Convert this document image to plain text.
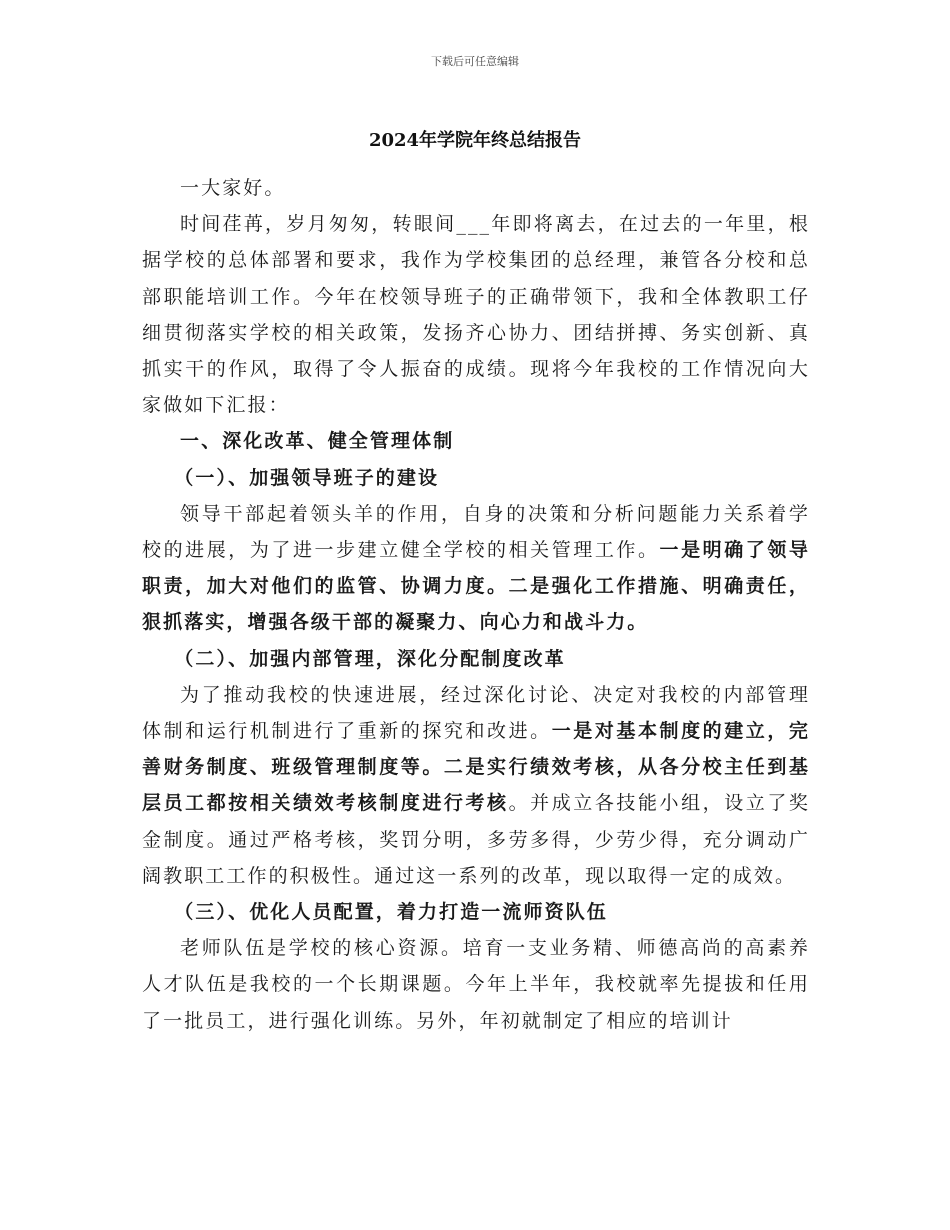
下载后可任意编辑
2024年学院年终总结报告

一大家好。

时间荏苒，岁月匆匆，转眼间___年即将离去，在过去的一年里，根据学校的总体部署和要求，我作为学校集团的总经理，兼管各分校和总部职能培训工作。今年在校领导班子的正确带领下，我和全体教职工仔细贯彻落实学校的相关政策，发扬齐心协力、团结拼搏、务实创新、真抓实干的作风，取得了令人振奋的成绩。现将今年我校的工作情况向大家做如下汇报：

一、深化改革、健全管理体制

（一）、加强领导班子的建设

领导干部起着领头羊的作用，自身的决策和分析问题能力关系着学校的进展，为了进一步建立健全学校的相关管理工作。一是明确了领导职责，加大对他们的监管、协调力度。二是强化工作措施、明确责任，狠抓落实，增强各级干部的凝聚力、向心力和战斗力。

（二）、加强内部管理，深化分配制度改革

为了推动我校的快速进展，经过深化讨论、决定对我校的内部管理体制和运行机制进行了重新的探究和改进。一是对基本制度的建立，完善财务制度、班级管理制度等。二是实行绩效考核，从各分校主任到基层员工都按相关绩效考核制度进行考核。并成立各技能小组，设立了奖金制度。通过严格考核，奖罚分明，多劳多得，少劳少得，充分调动广阔教职工工作的积极性。通过这一系列的改革，现以取得一定的成效。

（三）、优化人员配置，着力打造一流师资队伍

老师队伍是学校的核心资源。培育一支业务精、师德高尚的高素养人才队伍是我校的一个长期课题。今年上半年，我校就率先提拔和任用了一批员工，进行强化训练。另外，年初就制定了相应的培训计
